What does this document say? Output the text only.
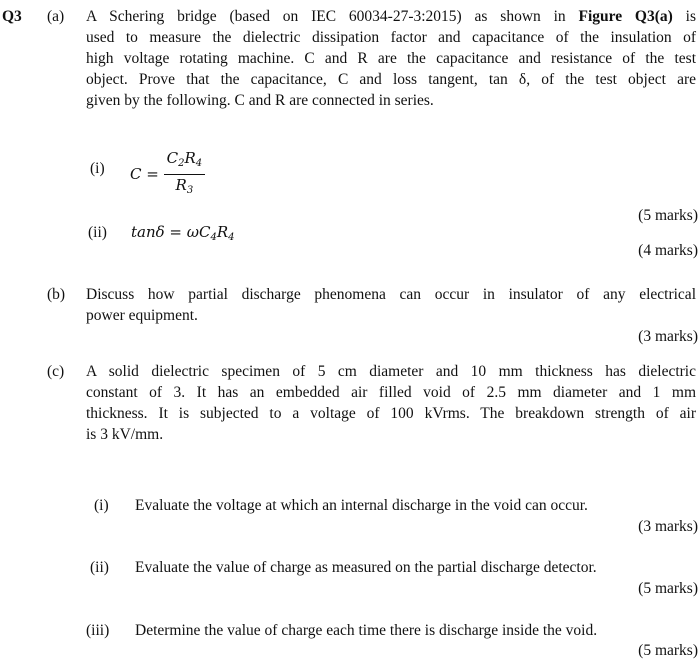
Q3 (a) A Schering bridge (based on IEC 60034-27-3:2015) as shown in Figure Q3(a) is
used to measure the dielectric dissipation factor and capacitance of the insulation of
high voltage rotating machine. C and R are the capacitance and resistance of the test
object. Prove that the capacitance, C and loss tangent, tan δ, of the test object are
given by the following. C and R are connected in series.
(i) $C = \frac{C_2R_4}{R_3}$
(5 marks)
(ii) $\tan\delta = \omega C_4R_4$
(4 marks)
(b) Discuss how partial discharge phenomena can occur in insulator of any electrical
power equipment.
(3 marks)
(c) A solid dielectric specimen of 5 cm diameter and 10 mm thickness has dielectric
constant of 3. It has an embedded air filled void of 2.5 mm diameter and 1 mm
thickness. It is subjected to a voltage of 100 kVrms. The breakdown strength of air
is 3 kV/mm.
(i) Evaluate the voltage at which an internal discharge in the void can occur.
(3 marks)
(ii) Evaluate the value of charge as measured on the partial discharge detector.
(5 marks)
(iii) Determine the value of charge each time there is discharge inside the void.
(5 marks)
